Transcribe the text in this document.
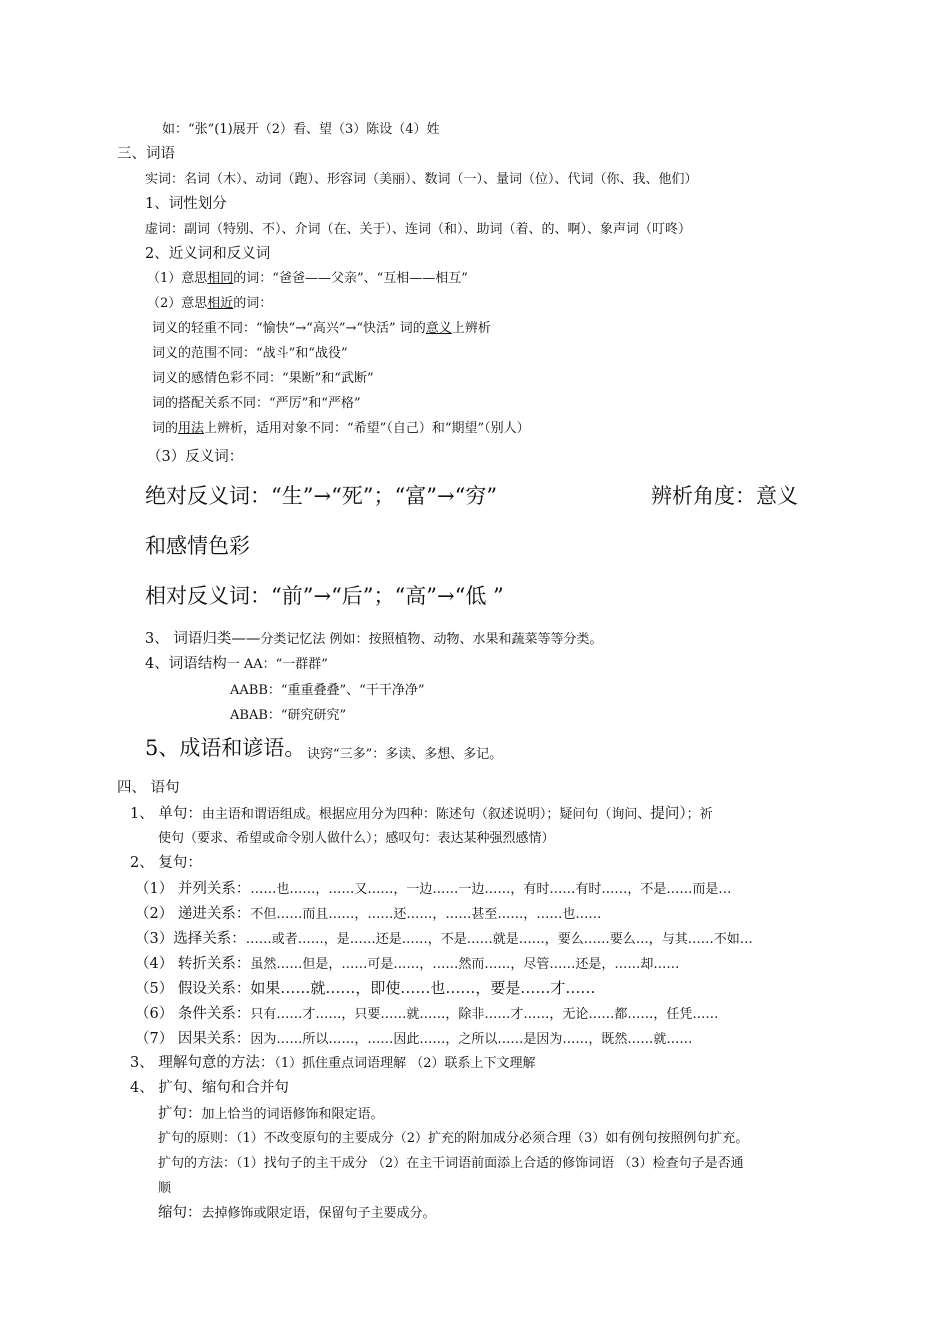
如：“张”(1)展开（2）看、望（3）陈设（4）姓
三、词语
实词：名词（木）、动词（跑）、形容词（美丽）、数词（一）、量词（位）、代词（你、我、他们）
1、词性划分
虚词：副词（特别、不）、介词（在、关于）、连词（和）、助词（着、的、啊）、象声词（叮咚）
2、近义词和反义词
（1）意思相同的词：“爸爸——父亲”、“互相——相互”
（2）意思相近的词：
词义的轻重不同：“愉快”→“高兴”→“快活” 词的意义上辨析
词义的范围不同：“战斗”和“战役”
词义的感情色彩不同：“果断”和“武断”
词的搭配关系不同：“严厉”和“严格”
词的用法上辨析，适用对象不同：“希望”（自己）和“期望”（别人）
（3）反义词：
绝对反义词：“生”→“死”；“富”→“穷”	辨析角度：意义
和感情色彩
相对反义词：“前”→“后”；“高”→“低 ”
3、 词语归类——分类记忆法 例如：按照植物、动物、水果和蔬菜等等分类。
4、词语结构一 AA：“一群群”
AABB：“重重叠叠”、“干干净净”
ABAB：“研究研究”
5、成语和谚语。 诀窍“三多”：多读、多想、多记。
四、 语句
1、 单句：由主语和谓语组成。根据应用分为四种：陈述句（叙述说明）；疑问句（询问、提问）；祈
使句（要求、希望或命令别人做什么）；感叹句：表达某种强烈感情）
2、 复句：
（1） 并列关系：……也……，……又……，一边……一边……，有时……有时……，不是……而是…
（2） 递进关系：不但……而且……，……还……，……甚至……，……也……
（3）选择关系：……或者……，是……还是……，不是……就是……，要么……要么…，与其……不如…
（4） 转折关系：虽然……但是，……可是……，……然而……，尽管……还是，……却……
（5） 假设关系：如果……就……，即使……也……，要是……才……
（6） 条件关系：只有……才……，只要……就……，除非……才……，无论……都……，任凭……
（7） 因果关系：因为……所以……，……因此……，之所以……是因为……，既然……就……
3、 理解句意的方法：（1）抓住重点词语理解 （2）联系上下文理解
4、 扩句、缩句和合并句
扩句：加上恰当的词语修饰和限定语。
扩句的原则：（1）不改变原句的主要成分（2）扩充的附加成分必须合理（3）如有例句按照例句扩充。
扩句的方法：（1）找句子的主干成分 （2）在主干词语前面添上合适的修饰词语 （3）检查句子是否通
顺
缩句：去掉修饰或限定语，保留句子主要成分。
